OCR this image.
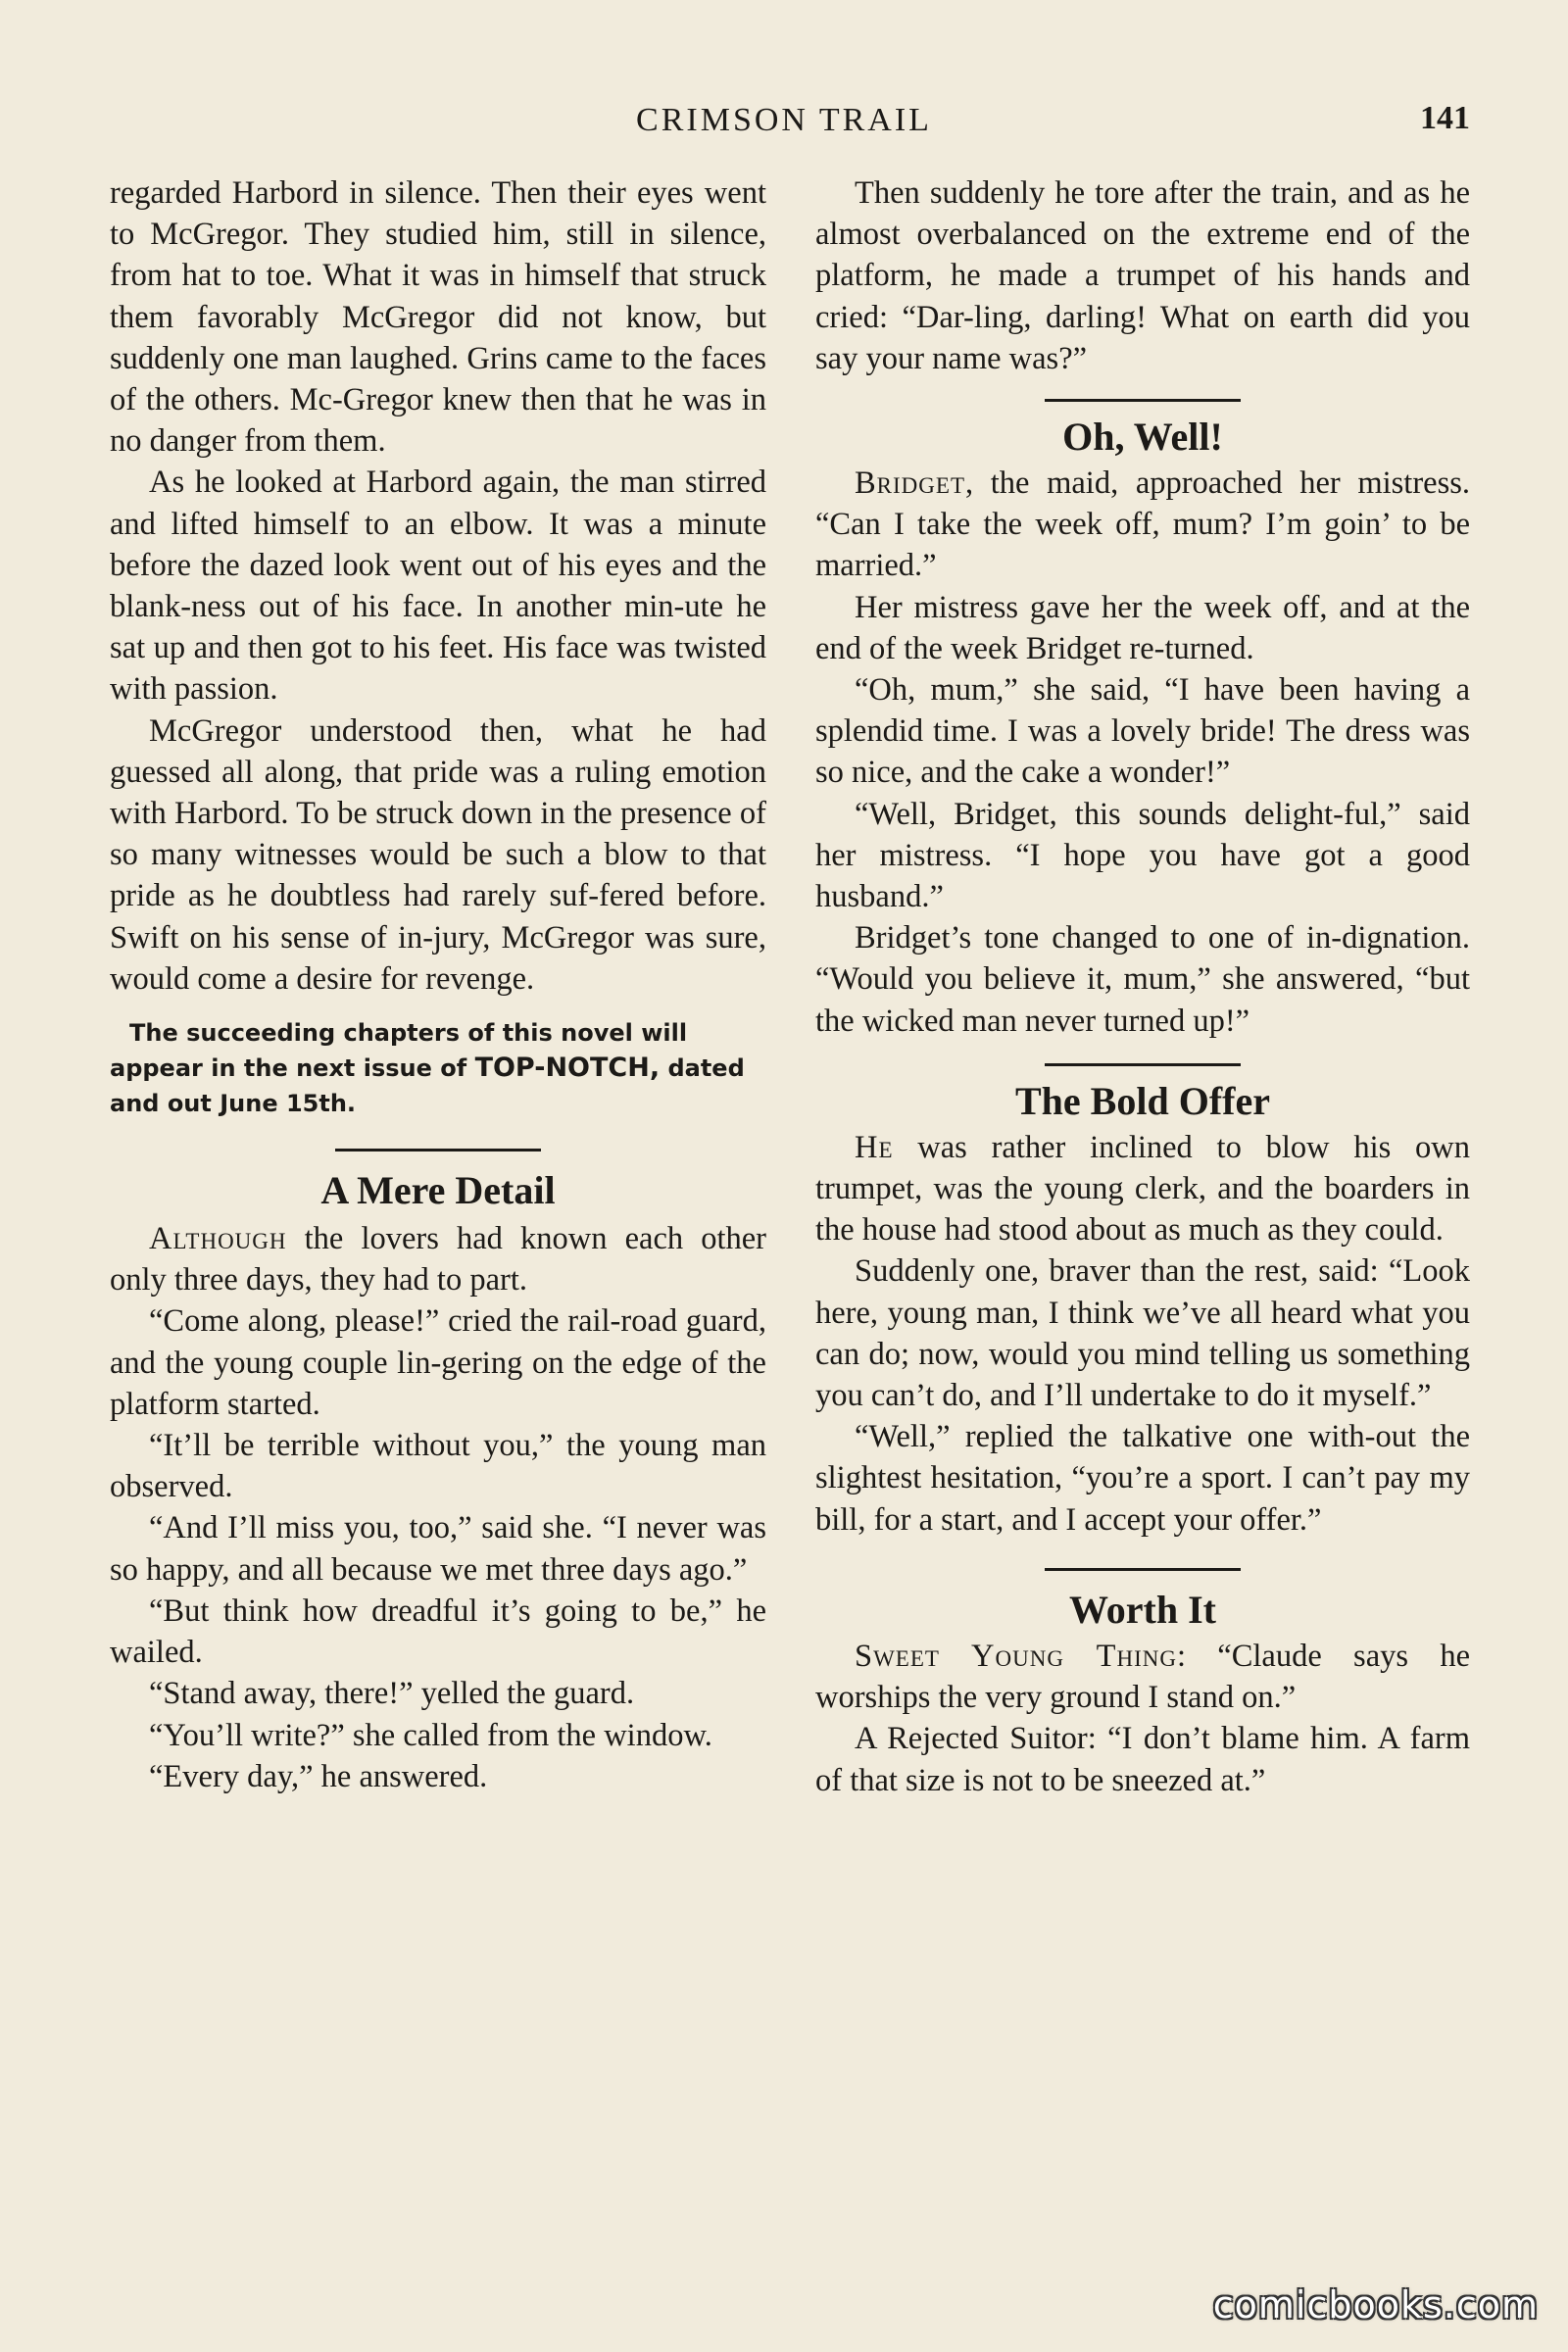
CRIMSON TRAIL	141

regarded Harbord in silence. Then their eyes went to McGregor. They studied him, still in silence, from hat to toe. What it was in himself that struck them favorably McGregor did not know, but suddenly one man laughed. Grins came to the faces of the others. Mc-Gregor knew then that he was in no danger from them.

As he looked at Harbord again, the man stirred and lifted himself to an elbow. It was a minute before the dazed look went out of his eyes and the blank-ness out of his face. In another min-ute he sat up and then got to his feet. His face was twisted with passion.

McGregor understood then, what he had guessed all along, that pride was a ruling emotion with Harbord. To be struck down in the presence of so many witnesses would be such a blow to that pride as he doubtless had rarely suf-fered before. Swift on his sense of in-jury, McGregor was sure, would come a desire for revenge.

The succeeding chapters of this novel will appear in the next issue of TOP-NOTCH, dated and out June 15th.
A Mere Detail

Although the lovers had known each other only three days, they had to part.

“Come along, please!” cried the rail-road guard, and the young couple lin-gering on the edge of the platform started.

“It’ll be terrible without you,” the young man observed.

“And I’ll miss you, too,” said she. “I never was so happy, and all because we met three days ago.”

“But think how dreadful it’s going to be,” he wailed.

“Stand away, there!” yelled the guard.

“You’ll write?” she called from the window.

“Every day,” he answered.

Then suddenly he tore after the train, and as he almost overbalanced on the extreme end of the platform, he made a trumpet of his hands and cried: “Dar-ling, darling! What on earth did you say your name was?”

Oh, Well!

Bridget, the maid, approached her mistress. “Can I take the week off, mum? I’m goin’ to be married.”

Her mistress gave her the week off, and at the end of the week Bridget re-turned.

“Oh, mum,” she said, “I have been having a splendid time. I was a lovely bride! The dress was so nice, and the cake a wonder!”

“Well, Bridget, this sounds delight-ful,” said her mistress. “I hope you have got a good husband.”

Bridget’s tone changed to one of in-dignation. “Would you believe it, mum,” she answered, “but the wicked man never turned up!”

The Bold Offer

He was rather inclined to blow his own trumpet, was the young clerk, and the boarders in the house had stood about as much as they could.

Suddenly one, braver than the rest, said: “Look here, young man, I think we’ve all heard what you can do; now, would you mind telling us something you can’t do, and I’ll undertake to do it myself.”

“Well,” replied the talkative one with-out the slightest hesitation, “you’re a sport. I can’t pay my bill, for a start, and I accept your offer.”

Worth It

Sweet Young Thing: “Claude says he worships the very ground I stand on.”

A Rejected Suitor: “I don’t blame him. A farm of that size is not to be sneezed at.”

comicbooks.com
